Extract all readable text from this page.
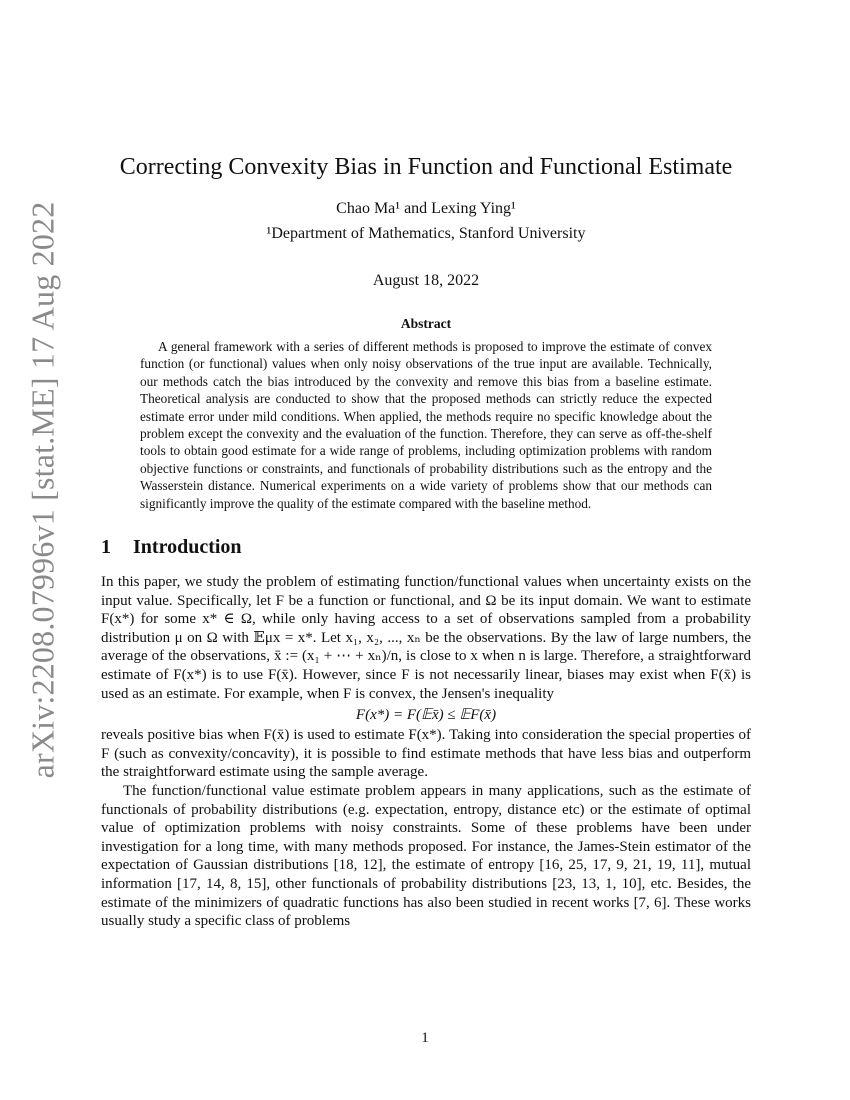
arXiv:2208.07996v1 [stat.ME] 17 Aug 2022
Correcting Convexity Bias in Function and Functional Estimate
Chao Ma¹ and Lexing Ying¹
¹Department of Mathematics, Stanford University
August 18, 2022
Abstract
A general framework with a series of different methods is proposed to improve the estimate of convex function (or functional) values when only noisy observations of the true input are available. Technically, our methods catch the bias introduced by the convexity and remove this bias from a baseline estimate. Theoretical analysis are conducted to show that the proposed methods can strictly reduce the expected estimate error under mild conditions. When applied, the methods require no specific knowledge about the problem except the convexity and the evaluation of the function. Therefore, they can serve as off-the-shelf tools to obtain good estimate for a wide range of problems, including optimization problems with random objective functions or constraints, and functionals of probability distributions such as the entropy and the Wasserstein distance. Numerical experiments on a wide variety of problems show that our methods can significantly improve the quality of the estimate compared with the baseline method.
1 Introduction

In this paper, we study the problem of estimating function/functional values when uncertainty exists on the input value. Specifically, let F be a function or functional, and Ω be its input domain. We want to estimate F(x*) for some x* ∈ Ω, while only having access to a set of observations sampled from a probability distribution μ on Ω with 𝔼μx = x*. Let x₁, x₂, ..., xₙ be the observations. By the law of large numbers, the average of the observations, x̄ := (x₁ + ⋯ + xₙ)/n, is close to x when n is large. Therefore, a straightforward estimate of F(x*) is to use F(x̄). However, since F is not necessarily linear, biases may exist when F(x̄) is used as an estimate. For example, when F is convex, the Jensen's inequality

F(x*) = F(𝔼x̄) ≤ 𝔼F(x̄)

reveals positive bias when F(x̄) is used to estimate F(x*). Taking into consideration the special properties of F (such as convexity/concavity), it is possible to find estimate methods that have less bias and outperform the straightforward estimate using the sample average.

The function/functional value estimate problem appears in many applications, such as the estimate of functionals of probability distributions (e.g. expectation, entropy, distance etc) or the estimate of optimal value of optimization problems with noisy constraints. Some of these problems have been under investigation for a long time, with many methods proposed. For instance, the James-Stein estimator of the expectation of Gaussian distributions [18, 12], the estimate of entropy [16, 25, 17, 9, 21, 19, 11], mutual information [17, 14, 8, 15], other functionals of probability distributions [23, 13, 1, 10], etc. Besides, the estimate of the minimizers of quadratic functions has also been studied in recent works [7, 6]. These works usually study a specific class of problems

1
